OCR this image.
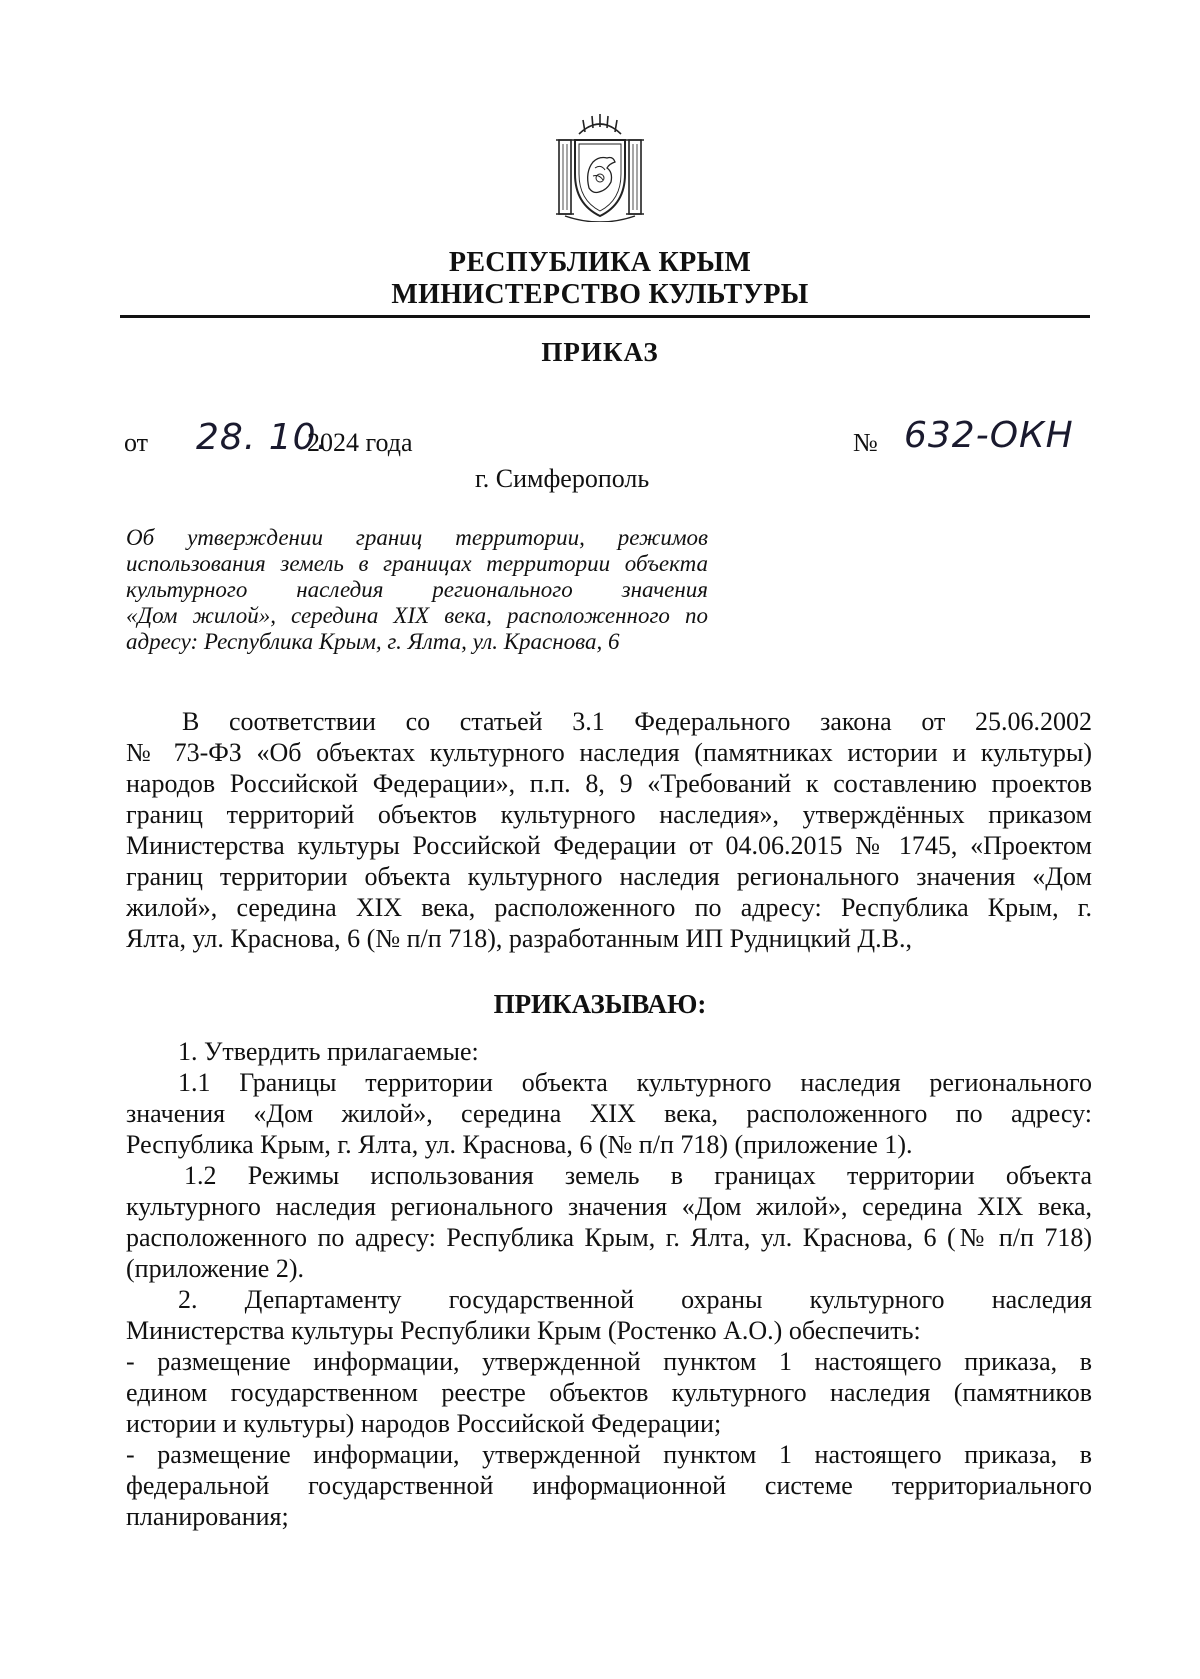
РЕСПУБЛИКА КРЫМ
МИНИСТЕРСТВО КУЛЬТУРЫ
ПРИКАЗ
от 28. 10.
2024 года	№ 632-ОКН
г. Симферополь
Об утверждении границ территории, режимов
использования земель в границах территории объекта
культурного наследия регионального значения
«Дом жилой», середина XIX века, расположенного по
адресу: Республика Крым, г. Ялта, ул. Краснова, 6
В соответствии со статьей 3.1 Федерального закона от 25.06.2002
№ 73-ФЗ «Об объектах культурного наследия (памятниках истории и культуры)
народов Российской Федерации», п.п. 8, 9 «Требований к составлению проектов
границ территорий объектов культурного наследия», утверждённых приказом
Министерства культуры Российской Федерации от 04.06.2015 № 1745, «Проектом
границ территории объекта культурного наследия регионального значения «Дом
жилой», середина XIX века, расположенного по адресу: Республика Крым, г.
Ялта, ул. Краснова, 6 (№ п/п 718), разработанным ИП Рудницкий Д.В.,
ПРИКАЗЫВАЮ:
1. Утвердить прилагаемые:
1.1 Границы территории объекта культурного наследия регионального
значения «Дом жилой», середина XIX века, расположенного по адресу:
Республика Крым, г. Ялта, ул. Краснова, 6 (№ п/п 718) (приложение 1).
1.2 Режимы использования земель в границах территории объекта
культурного наследия регионального значения «Дом жилой», середина XIX века,
расположенного по адресу: Республика Крым, г. Ялта, ул. Краснова, 6 (№ п/п 718)
(приложение 2).
2. Департаменту государственной охраны культурного наследия
Министерства культуры Республики Крым (Ростенко А.О.) обеспечить:
- размещение информации, утвержденной пунктом 1 настоящего приказа, в
едином государственном реестре объектов культурного наследия (памятников
истории и культуры) народов Российской Федерации;
- размещение информации, утвержденной пунктом 1 настоящего приказа, в
федеральной государственной информационной системе территориального
планирования;
